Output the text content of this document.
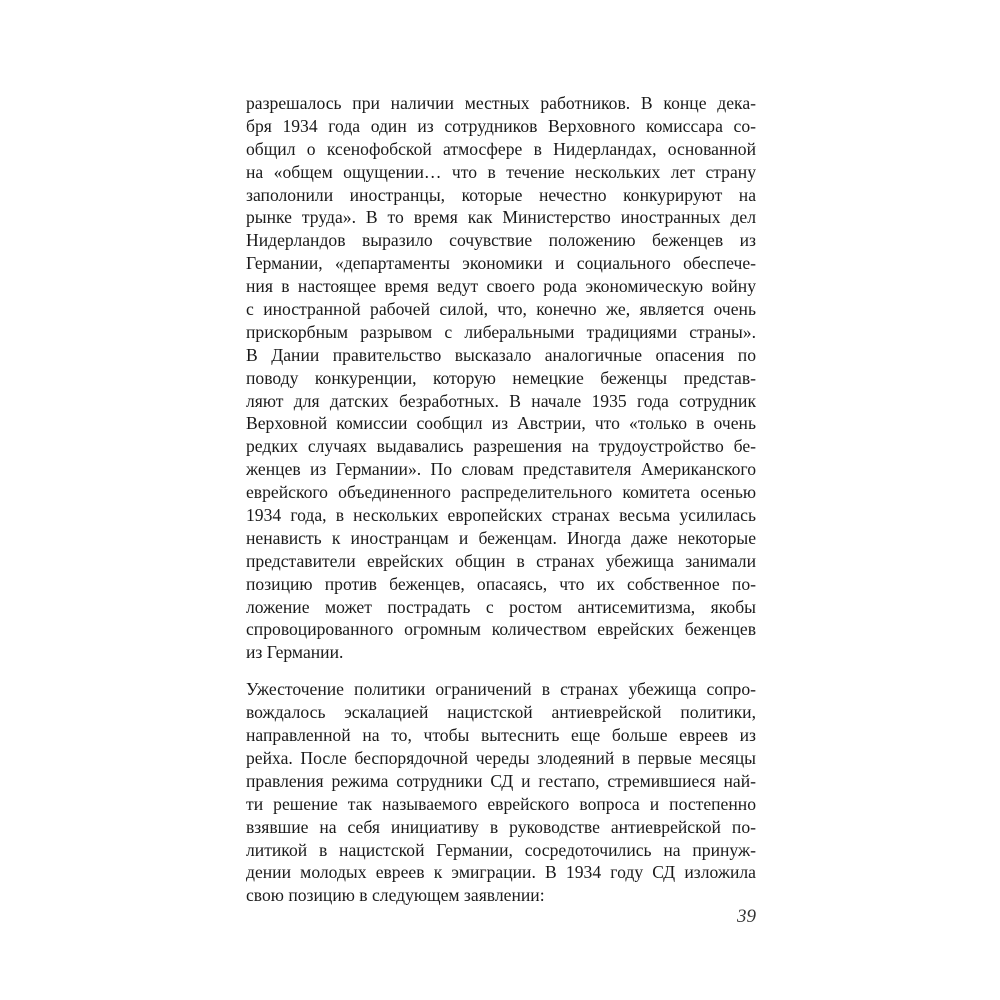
разрешалось при наличии местных работников. В конце дека-
бря 1934 года один из сотрудников Верховного комиссара со-
общил о ксенофобской атмосфере в Нидерландах, основанной
на «общем ощущении… что в течение нескольких лет страну
заполонили иностранцы, которые нечестно конкурируют на
рынке труда». В то время как Министерство иностранных дел
Нидерландов выразило сочувствие положению беженцев из
Германии, «департаменты экономики и социального обеспече-
ния в настоящее время ведут своего рода экономическую войну
с иностранной рабочей силой, что, конечно же, является очень
прискорбным разрывом с либеральными традициями страны».
В Дании правительство высказало аналогичные опасения по
поводу конкуренции, которую немецкие беженцы представ-
ляют для датских безработных. В начале 1935 года сотрудник
Верховной комиссии сообщил из Австрии, что «только в очень
редких случаях выдавались разрешения на трудоустройство бе-
женцев из Германии». По словам представителя Американского
еврейского объединенного распределительного комитета осенью
1934 года, в нескольких европейских странах весьма усилилась
ненависть к иностранцам и беженцам. Иногда даже некоторые
представители еврейских общин в странах убежища занимали
позицию против беженцев, опасаясь, что их собственное по-
ложение может пострадать с ростом антисемитизма, якобы
спровоцированного огромным количеством еврейских беженцев
из Германии.
Ужесточение политики ограничений в странах убежища сопро-
вождалось эскалацией нацистской антиеврейской политики,
направленной на то, чтобы вытеснить еще больше евреев из
рейха. После беспорядочной череды злодеяний в первые месяцы
правления режима сотрудники СД и гестапо, стремившиеся най-
ти решение так называемого еврейского вопроса и постепенно
взявшие на себя инициативу в руководстве антиеврейской по-
литикой в нацистской Германии, сосредоточились на принуж-
дении молодых евреев к эмиграции. В 1934 году СД изложила
свою позицию в следующем заявлении:
39
